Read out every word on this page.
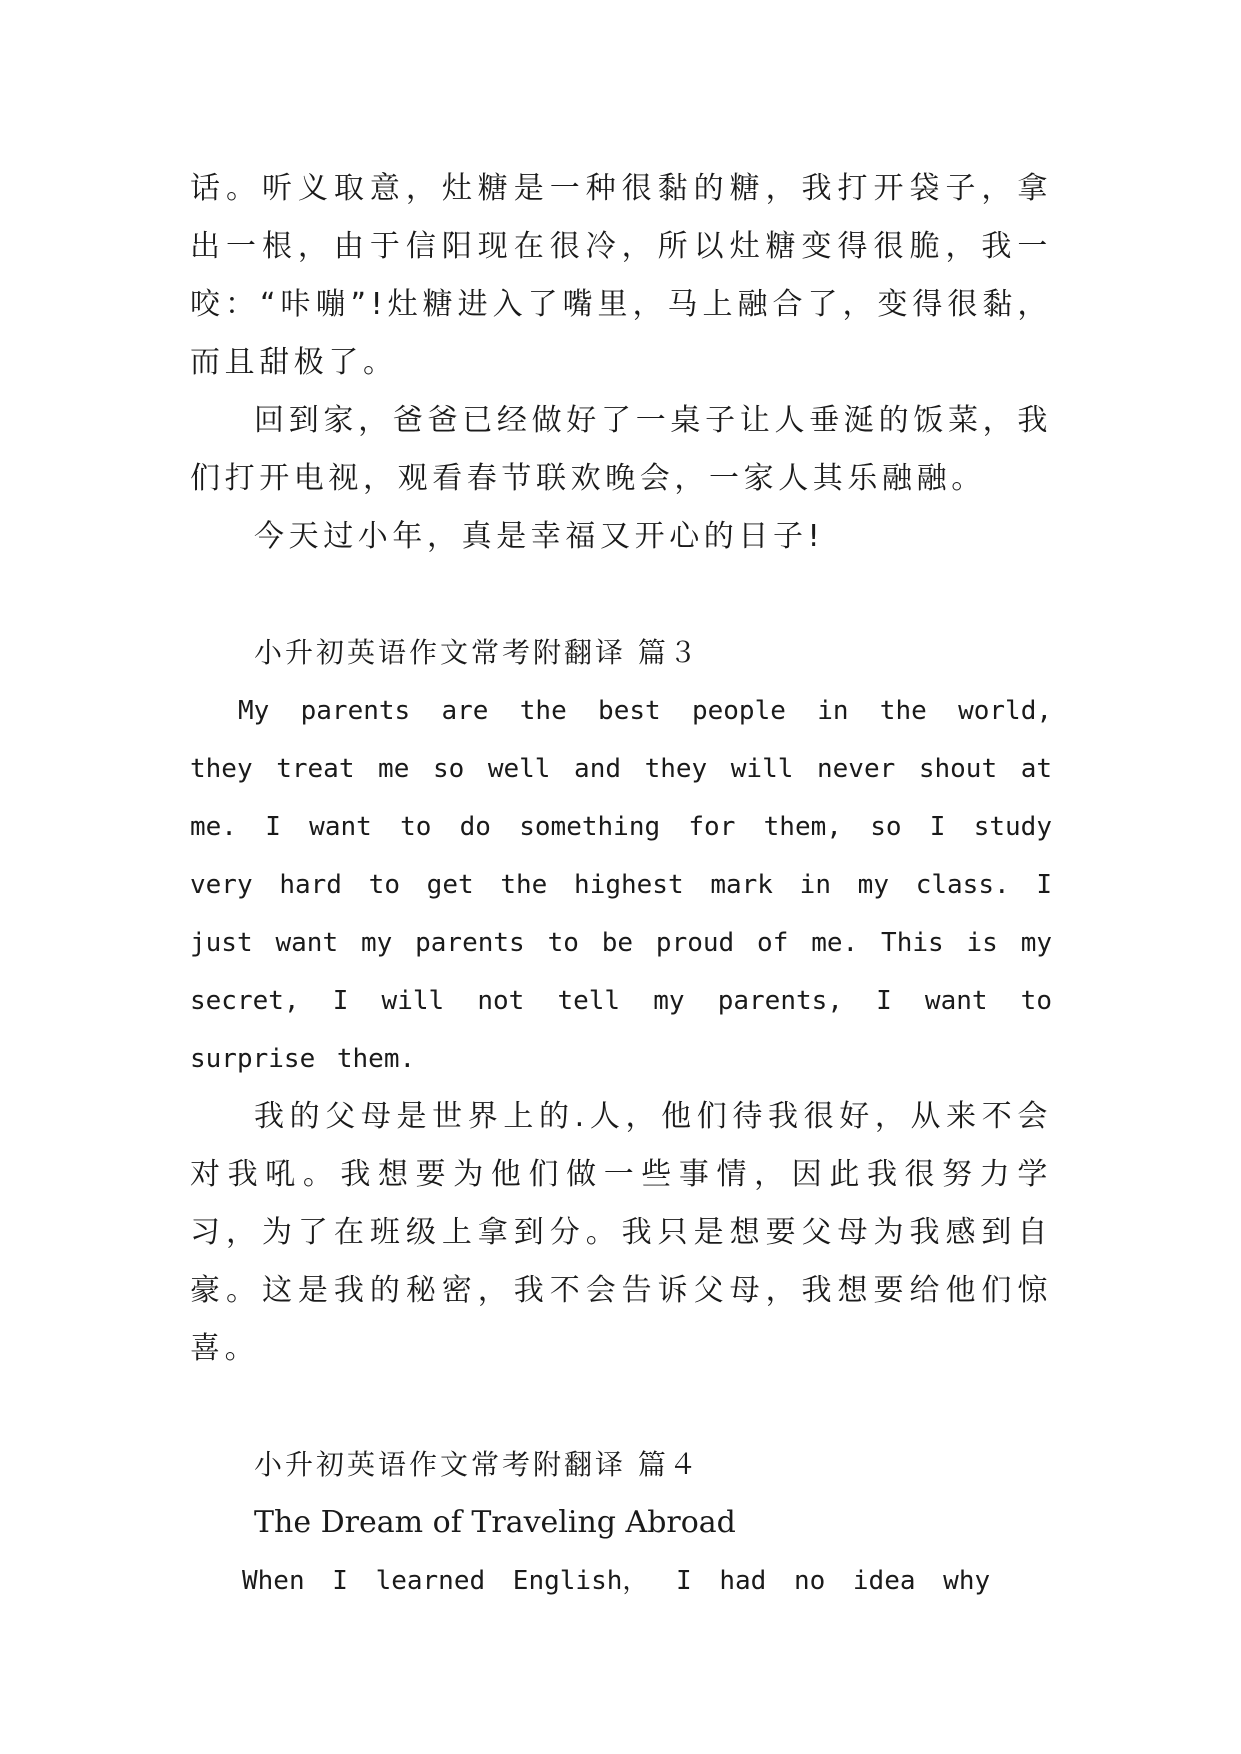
话。听义取意，灶糖是一种很黏的糖，我打开袋子，拿出一根，由于信阳现在很冷，所以灶糖变得很脆，我一咬：“咔嘣”!灶糖进入了嘴里，马上融合了，变得很黏，而且甜极了。

回到家，爸爸已经做好了一桌子让人垂涎的饭菜，我们打开电视，观看春节联欢晚会，一家人其乐融融。

今天过小年，真是幸福又开心的日子!

小升初英语作文常考附翻译 篇３

My parents are the best people in the world, they treat me so well and they will never shout at me. I want to do something for them, so I study very hard to get the highest mark in my class. I just want my parents to be proud of me. This is my secret, I will not tell my parents, I want to surprise them.

我的父母是世界上的.人，他们待我很好，从来不会对我吼。我想要为他们做一些事情，因此我很努力学习，为了在班级上拿到分。我只是想要父母为我感到自豪。这是我的秘密，我不会告诉父母，我想要给他们惊喜。

小升初英语作文常考附翻译 篇４

The Dream of Traveling Abroad

When I learned English， I had no idea why
